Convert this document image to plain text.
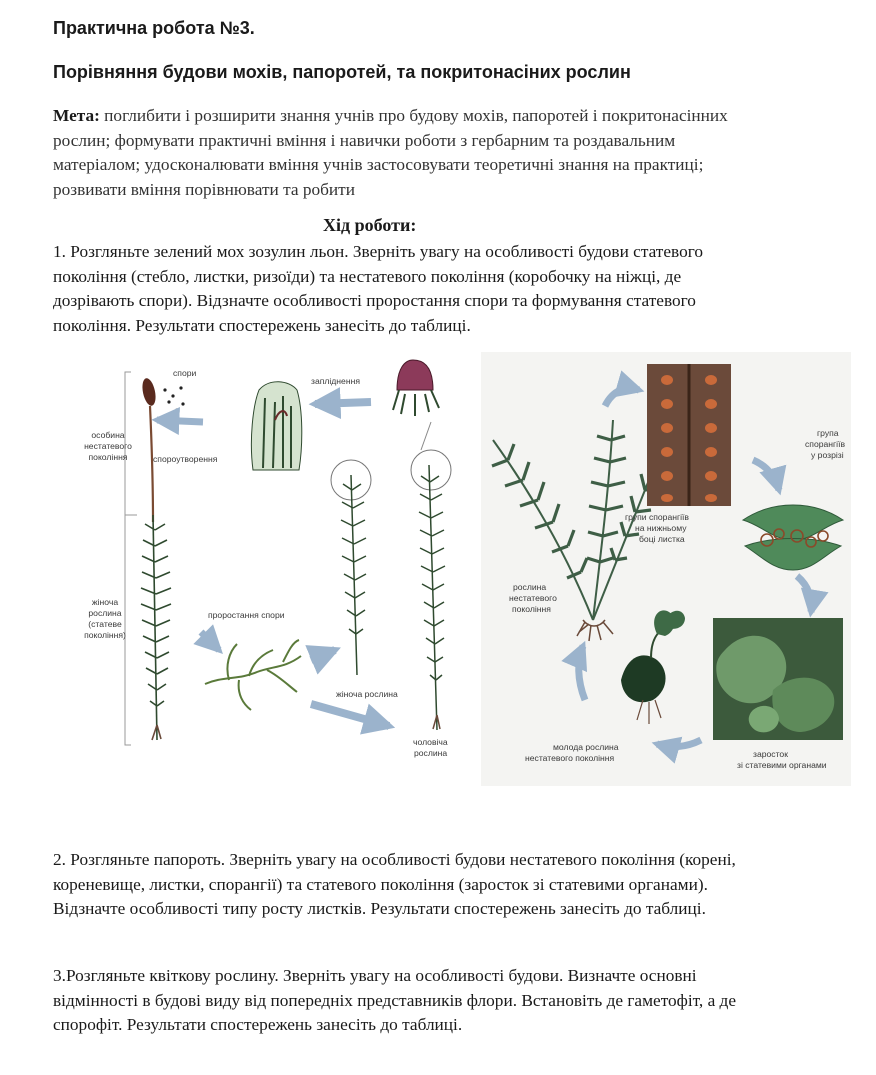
Практична робота №3.
Порівняння будови мохів, папоротей, та покритонасіних рослин
Мета: поглибити і розширити знання учнів про будову мохів, папоротей і покритонасінних
рослин; формувати практичні вміння і навички роботи з гербарним та роздавальним
матеріалом; удосконалювати вміння учнів застосовувати теоретичні знання на практиці;
розвивати вміння порівнювати та робити
Хід роботи:
1. Розгляньте зелений мох зозулин льон. Зверніть увагу на особливості будови статевого
покоління (стебло, листки, ризоїди) та нестатевого покоління (коробочку на ніжці, де
дозрівають спори). Відзначте особливості проростання спори та формування статевого
покоління. Результати спостережень занесіть до таблиці.
спори
особина
нестатевого
покоління	спороутворення
жіноча
рослина
(статеве
покоління)
запліднення
проростання спори
жіноча рослина
чоловіча
рослина
рослина
нестатевого
покоління
групи спорангіїв
на нижньому
боці листка
група
спорангіїв
у розрізі
заросток
зі статевими органами
молода рослина
нестатевого покоління
2. Розгляньте папороть. Зверніть увагу на особливості будови нестатевого покоління (корені,
кореневище, листки, спорангії) та статевого покоління (заросток зі статевими органами).
Відзначте особливості типу росту листків. Результати спостережень занесіть до таблиці.
3.Розгляньте квіткову рослину. Зверніть увагу на особливості будови. Визначте основні
відмінності в будові виду від попередніх представників флори. Встановіть де гаметофіт, а де
спорофіт. Результати спостережень занесіть до таблиці.
